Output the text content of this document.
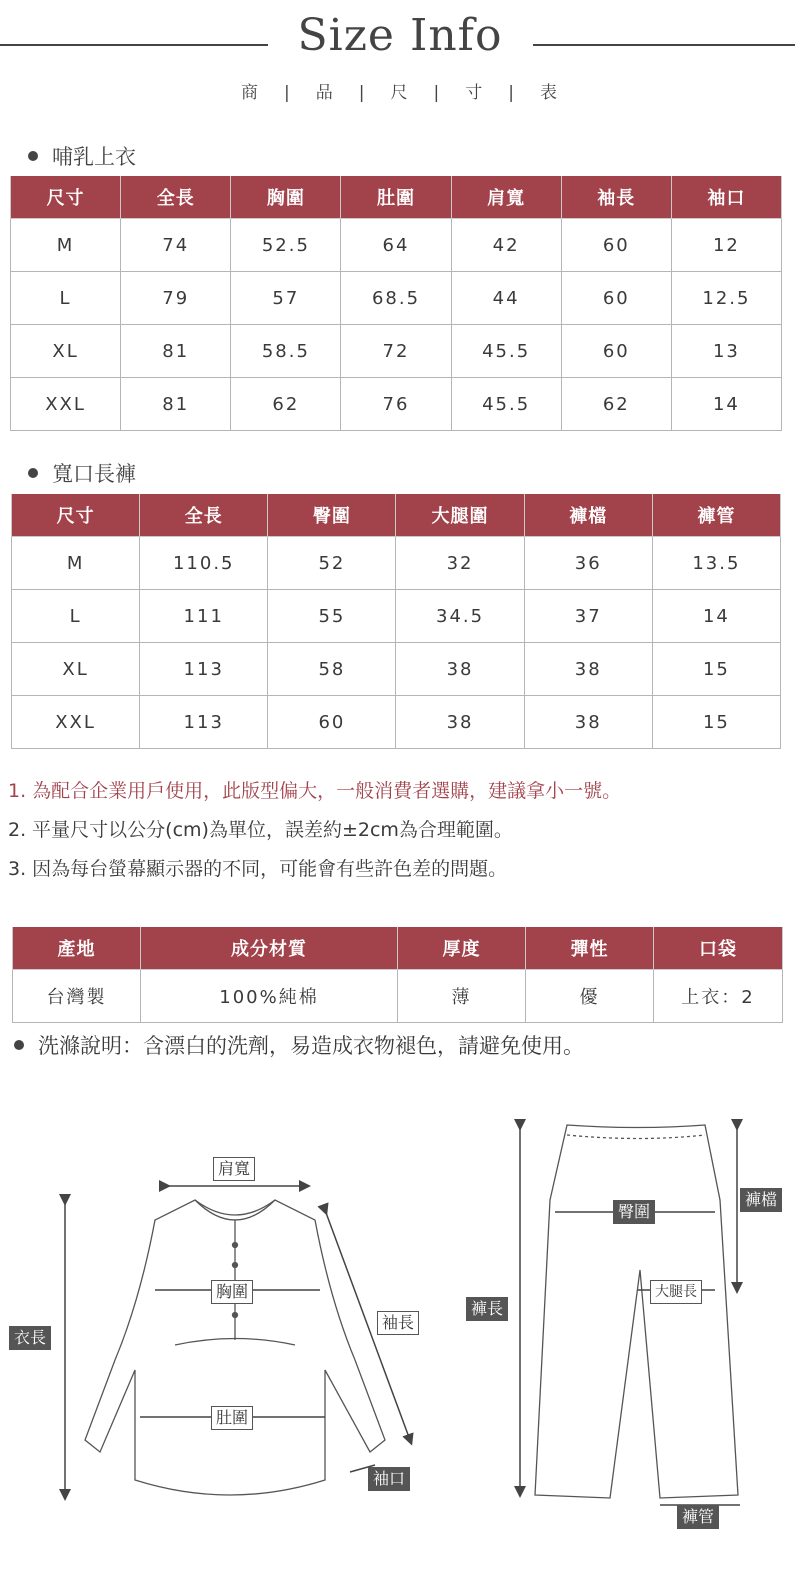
Size Info
商 | 品 | 尺 | 寸 | 表
哺乳上衣
尺寸	全長	胸圍	肚圍	肩寬	袖長	袖口
M	74	52.5	64	42	60	12
L	79	57	68.5	44	60	12.5
XL	81	58.5	72	45.5	60	13
XXL	81	62	76	45.5	62	14
寬口長褲
尺寸	全長	臀圍	大腿圍	褲檔	褲管
M	110.5	52	32	36	13.5
L	111	55	34.5	37	14
XL	113	58	38	38	15
XXL	113	60	38	38	15
1. 為配合企業用戶使用，此版型偏大，一般消費者選購，建議拿小一號。
2. 平量尺寸以公分(cm)為單位，誤差約±2cm為合理範圍。
3. 因為每台螢幕顯示器的不同，可能會有些許色差的問題。
產地	成分材質	厚度	彈性	口袋
台灣製	100%純棉	薄	優	上衣：2
洗滌說明：含漂白的洗劑，易造成衣物褪色，請避免使用。
肩寬
胸圍
肚圍
衣長
袖長
袖口
褲長
臀圍
大腿長
褲檔
褲管
